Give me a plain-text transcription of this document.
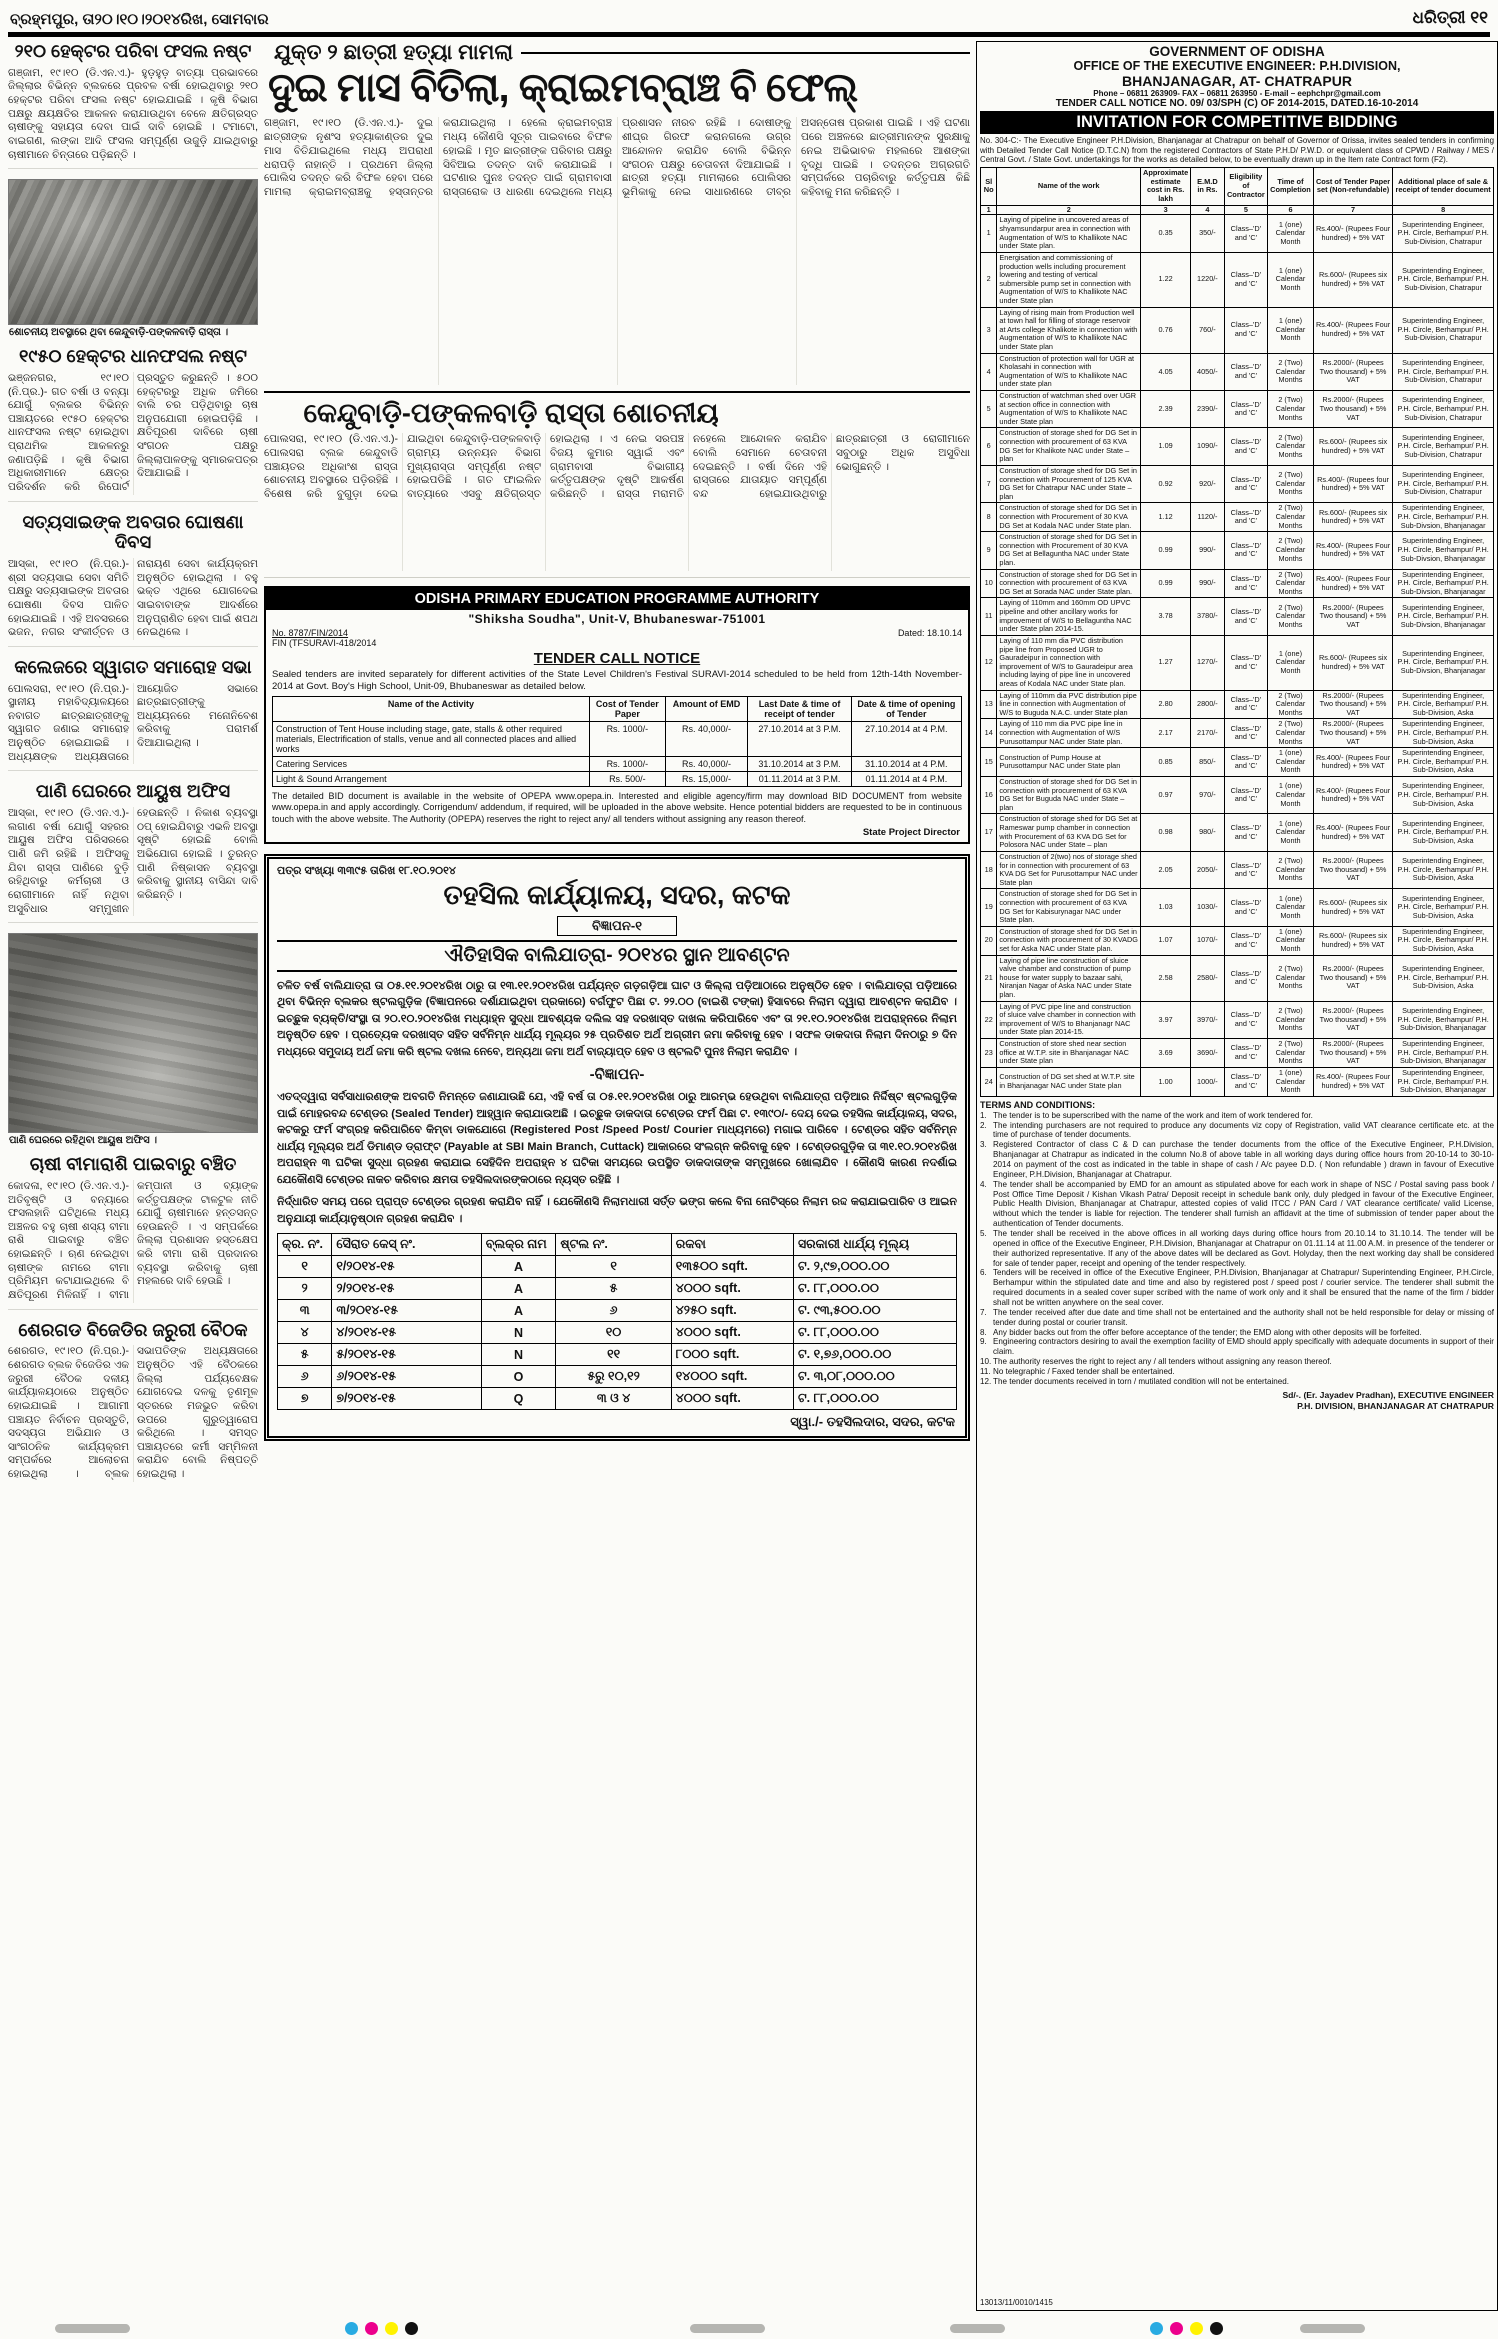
ବ୍ରହ୍ମପୁର, ତା୨୦।୧୦।୨୦୧୪ରିଖ, ସୋମବାର	ଧରିତ୍ରୀ ୧୧
୨୧୦ ହେକ୍ଟର ପରିବା ଫସଲ ନଷ୍ଟ
ଗଞ୍ଜାମ, ୧୯।୧୦ (ଡି.ଏନ.ଏ.)- ହୁଡ଼ହୁଡ଼ ବାତ୍ୟା ପ୍ରଭାବରେ ଜିଲ୍ଲାର ବିଭିନ୍ନ ବ୍ଲକରେ ପ୍ରବଳ ବର୍ଷା ହୋଇଥିବାରୁ ୨୧୦ ହେକ୍ଟର ପରିବା ଫସଲ ନଷ୍ଟ ହୋଇଯାଇଛି । କୃଷି ବିଭାଗ ପକ୍ଷରୁ କ୍ଷୟକ୍ଷତିର ଆକଳନ କରାଯାଉଥିବା ବେଳେ କ୍ଷତିଗ୍ରସ୍ତ ଚାଷୀଙ୍କୁ ସହାୟତା ଦେବା ପାଇଁ ଦାବି ହୋଇଛି । ଟମାଟୋ, ବାଇଗଣ, ଲଙ୍କା ଆଦି ଫସଲ ସମ୍ପୂର୍ଣ୍ଣ ଉଜୁଡ଼ି ଯାଇଥିବାରୁ ଚାଷୀମାନେ ଚିନ୍ତାରେ ପଡ଼ିଛନ୍ତି ।
ଶୋଚନୀୟ ଅବସ୍ଥାରେ ଥିବା କେନ୍ଦୁବାଡ଼ି-ପଙ୍କଳବାଡ଼ି ରାସ୍ତା ।
୧୯୫୦ ହେକ୍ଟର ଧାନଫସଲ ନଷ୍ଟ
ଭଞ୍ଜନଗର, ୧୯।୧୦ (ନି.ପ୍ର.)- ଗତ ବର୍ଷା ଓ ବନ୍ୟା ଯୋଗୁଁ ବ୍ଲକର ବିଭିନ୍ନ ପଞ୍ଚାୟତରେ ୧୯୫୦ ହେକ୍ଟର ଧାନଫସଲ ନଷ୍ଟ ହୋଇଥିବା ପ୍ରାଥମିକ ଆକଳନରୁ ଜଣାପଡ଼ିଛି । କୃଷି ବିଭାଗ ଅଧିକାରୀମାନେ କ୍ଷେତ୍ର ପରିଦର୍ଶନ କରି ରିପୋର୍ଟ ପ୍ରସ୍ତୁତ କରୁଛନ୍ତି । ୫୦୦ ହେକ୍ଟରରୁ ଅଧିକ ଜମିରେ ବାଲି ଚର ପଡ଼ିଥିବାରୁ ଚାଷ ଅନୁପଯୋଗୀ ହୋଇପଡ଼ିଛି । କ୍ଷତିପୂରଣ ଦାବିରେ ଚାଷୀ ସଂଗଠନ ପକ୍ଷରୁ ଜିଲ୍ଲାପାଳଙ୍କୁ ସ୍ମାରକପତ୍ର ଦିଆଯାଇଛି ।
ସତ୍ୟସାଇଙ୍କ ଅବତାର ଘୋଷଣା ଦିବସ
ଆସ୍କା, ୧୯।୧୦ (ନି.ପ୍ର.)- ଶ୍ରୀ ସତ୍ୟସାଇ ସେବା ସମିତି ପକ୍ଷରୁ ସତ୍ୟସାଇଙ୍କ ଅବତାର ଘୋଷଣା ଦିବସ ପାଳିତ ହୋଇଯାଇଛି । ଏହି ଅବସରରେ ଭଜନ, ନଗର ସଂକୀର୍ତ୍ତନ ଓ ନାରାୟଣ ସେବା କାର୍ଯ୍ୟକ୍ରମ ଅନୁଷ୍ଠିତ ହୋଇଥିଲା । ବହୁ ଭକ୍ତ ଏଥିରେ ଯୋଗଦେଇ ସାଇବାବାଙ୍କ ଆଦର୍ଶରେ ଅନୁପ୍ରାଣିତ ହେବା ପାଇଁ ଶପଥ ନେଇଥିଲେ ।
କଲେଜରେ ସ୍ୱାଗତ ସମାରୋହ ସଭା
ପୋଲସରା, ୧୯।୧୦ (ନି.ପ୍ର.)- ସ୍ଥାନୀୟ ମହାବିଦ୍ୟାଳୟରେ ନବାଗତ ଛାତ୍ରଛାତ୍ରୀଙ୍କୁ ସ୍ୱାଗତ ଜଣାଇ ସମାରୋହ ଅନୁଷ୍ଠିତ ହୋଇଯାଇଛି । ଅଧ୍ୟକ୍ଷଙ୍କ ଅଧ୍ୟକ୍ଷତାରେ ଆୟୋଜିତ ସଭାରେ ଛାତ୍ରଛାତ୍ରୀଙ୍କୁ ଅଧ୍ୟୟନରେ ମନୋନିବେଶ କରିବାକୁ ପରାମର୍ଶ ଦିଆଯାଇଥିଲା ।
ପାଣି ଘେରରେ ଆୟୁଷ ଅଫିସ
ଆସ୍କା, ୧୯।୧୦ (ଡି.ଏନ.ଏ.)- ଲଗାଣ ବର୍ଷା ଯୋଗୁଁ ସହରର ଆୟୁଷ ଅଫିସ ପରିସରରେ ପାଣି ଜମି ରହିଛି । ଅଫିସକୁ ଯିବା ରାସ୍ତା ପାଣିରେ ବୁଡ଼ି ରହିଥିବାରୁ କର୍ମଚାରୀ ଓ ରୋଗୀମାନେ ନାହିଁ ନଥିବା ଅସୁବିଧାର ସମ୍ମୁଖୀନ ହେଉଛନ୍ତି । ନିକାଶ ବ୍ୟବସ୍ଥା ଠପ୍ ହୋଇଯିବାରୁ ଏଭଳି ଅବସ୍ଥା ସୃଷ୍ଟି ହୋଇଛି ବୋଲି ଅଭିଯୋଗ ହୋଇଛି । ତୁରନ୍ତ ପାଣି ନିଷ୍କାସନ ବ୍ୟବସ୍ଥା କରିବାକୁ ସ୍ଥାନୀୟ ବାସିନ୍ଦା ଦାବି କରିଛନ୍ତି ।
ପାଣି ଘେରରେ ରହିଥିବା ଆୟୁଷ ଅଫିସ ।
ଚାଷୀ ବୀମାରାଶି ପାଇବାରୁ ବଞ୍ଚିତ
କୋଦଳା, ୧୯।୧୦ (ଡି.ଏନ.ଏ.)- ଅତିବୃଷ୍ଟି ଓ ବନ୍ୟାରେ ଫସଲହାନି ଘଟିଥିଲେ ମଧ୍ୟ ଅଞ୍ଚଳର ବହୁ ଚାଷୀ ଶସ୍ୟ ବୀମା ରାଶି ପାଇବାରୁ ବଞ୍ଚିତ ହୋଇଛନ୍ତି । ଋଣ ନେଇଥିବା ଚାଷୀଙ୍କ ନାମରେ ବୀମା ପ୍ରିମିୟମ କଟାଯାଇଥିଲେ ବି କ୍ଷତିପୂରଣ ମିଳିନାହିଁ । ବୀମା କମ୍ପାନୀ ଓ ବ୍ୟାଙ୍କ କର୍ତ୍ତୃପକ୍ଷଙ୍କ ଟାଳଟୁଳ ନୀତି ଯୋଗୁଁ ଚାଷୀମାନେ ହନ୍ତସନ୍ତ ହେଉଛନ୍ତି । ଏ ସମ୍ପର୍କରେ ଜିଲ୍ଲା ପ୍ରଶାସନ ହସ୍ତକ୍ଷେପ କରି ବୀମା ରାଶି ପ୍ରଦାନର ବ୍ୟବସ୍ଥା କରିବାକୁ ଚାଷୀ ମହଲରେ ଦାବି ହେଉଛି ।
ଶେରଗଡ ବିଜେଡିର ଜରୁରୀ ବୈଠକ
ଶେରଗଡ, ୧୯।୧୦ (ନି.ପ୍ର.)- ଶେରଗଡ ବ୍ଲକ ବିଜେଡିର ଏକ ଜରୁରୀ ବୈଠକ ଦଳୀୟ କାର୍ଯ୍ୟାଳୟଠାରେ ଅନୁଷ୍ଠିତ ହୋଇଯାଇଛି । ଆଗାମୀ ପଞ୍ଚାୟତ ନିର୍ବାଚନ ପ୍ରସ୍ତୁତି, ସଦସ୍ୟତା ଅଭିଯାନ ଓ ସାଂଗଠନିକ କାର୍ଯ୍ୟକ୍ରମ ସମ୍ପର୍କରେ ଆଲୋଚନା ହୋଇଥିଲା । ବ୍ଲକ ସଭାପତିଙ୍କ ଅଧ୍ୟକ୍ଷତାରେ ଅନୁଷ୍ଠିତ ଏହି ବୈଠକରେ ଜିଲ୍ଲା ପର୍ଯ୍ୟବେକ୍ଷକ ଯୋଗଦେଇ ଦଳକୁ ତୃଣମୂଳ ସ୍ତରରେ ମଜଭୁତ କରିବା ଉପରେ ଗୁରୁତ୍ୱାରୋପ କରିଥିଲେ । ସମସ୍ତ ପଞ୍ଚାୟତରେ କର୍ମୀ ସମ୍ମିଳନୀ କରାଯିବ ବୋଲି ନିଷ୍ପତ୍ତି ହୋଇଥିଲା ।
ଯୁକ୍ତ ୨ ଛାତ୍ରୀ ହତ୍ୟା ମାମଲା
ଦୁଇ ମାସ ବିତିଲା, କ୍ରାଇମବ୍ରାଞ୍ଚ ବି ଫେଲ୍
ଗଞ୍ଜାମ, ୧୯।୧୦ (ଡି.ଏନ.ଏ.)- ଦୁଇ ଛାତ୍ରୀଙ୍କ ନୃଶଂସ ହତ୍ୟାକାଣ୍ଡର ଦୁଇ ମାସ ବିତିଯାଇଥିଲେ ମଧ୍ୟ ଅପରାଧୀ ଧରାପଡ଼ି ନାହାନ୍ତି । ପ୍ରଥମେ ଜିଲ୍ଲା ପୋଲିସ ତଦନ୍ତ କରି ବିଫଳ ହେବା ପରେ ମାମଲା କ୍ରାଇମବ୍ରାଞ୍ଚକୁ ହସ୍ତାନ୍ତର କରାଯାଇଥିଲା । ହେଲେ କ୍ରାଇମବ୍ରାଞ୍ଚ ମଧ୍ୟ କୌଣସି ସୂତ୍ର ପାଇବାରେ ବିଫଳ ହୋଇଛି । ମୃତ ଛାତ୍ରୀଙ୍କ ପରିବାର ପକ୍ଷରୁ ସିବିଆଇ ତଦନ୍ତ ଦାବି କରାଯାଇଛି । ଘଟଣାର ପୁନଃ ତଦନ୍ତ ପାଇଁ ଗ୍ରାମବାସୀ ରାସ୍ତାରୋକ ଓ ଧାରଣା ଦେଇଥିଲେ ମଧ୍ୟ ପ୍ରଶାସନ ନୀରବ ରହିଛି । ଦୋଷୀଙ୍କୁ ଶୀଘ୍ର ଗିରଫ କରାନଗଲେ ଉଗ୍ର ଆନ୍ଦୋଳନ କରାଯିବ ବୋଲି ବିଭିନ୍ନ ସଂଗଠନ ପକ୍ଷରୁ ଚେତାବନୀ ଦିଆଯାଇଛି । ଛାତ୍ରୀ ହତ୍ୟା ମାମଲାରେ ପୋଲିସର ଭୂମିକାକୁ ନେଇ ସାଧାରଣରେ ତୀବ୍ର ଅସନ୍ତୋଷ ପ୍ରକାଶ ପାଇଛି । ଏହି ଘଟଣା ପରେ ଅଞ୍ଚଳରେ ଛାତ୍ରୀମାନଙ୍କ ସୁରକ୍ଷାକୁ ନେଇ ଅଭିଭାବକ ମହଲରେ ଆଶଙ୍କା ବୃଦ୍ଧି ପାଇଛି । ତଦନ୍ତର ଅଗ୍ରଗତି ସମ୍ପର୍କରେ ପଚାରିବାରୁ କର୍ତ୍ତୃପକ୍ଷ କିଛି କହିବାକୁ ମନା କରିଛନ୍ତି ।
କେନ୍ଦୁବାଡ଼ି-ପଙ୍କଳବାଡ଼ି ରାସ୍ତା ଶୋଚନୀୟ
ପୋଲସରା, ୧୯।୧୦ (ଡି.ଏନ.ଏ.)- ପୋଲସରା ବ୍ଲକ କେନ୍ଦୁବାଡି ପଞ୍ଚାୟତର ଅଧିକାଂଶ ରାସ୍ତା ଶୋଚନୀୟ ଅବସ୍ଥାରେ ପଡ଼ିରହିଛି । ବିଶେଷ କରି ବୁଗୁଡ଼ା ଦେଇ ଯାଇଥିବା କେନ୍ଦୁବାଡ଼ି-ପଙ୍କଳବାଡ଼ି ଗ୍ରାମ୍ୟ ଉନ୍ନୟନ ବିଭାଗ ମୁଖ୍ୟରାସ୍ତା ସମ୍ପୂର୍ଣ୍ଣ ନଷ୍ଟ ହୋଇପଡିଛି । ଗତ ଫାଇଲିନ ବାତ୍ୟାରେ ଏସବୁ କ୍ଷତିଗ୍ରସ୍ତ ହୋଇଥିଲା । ଏ ନେଇ ସରପଞ୍ଚ ବିଜୟ କୁମାର ସ୍ୱାଇଁ ଏବଂ ଗ୍ରାମବାସୀ ବିଭାଗୀୟ କର୍ତ୍ତୃପକ୍ଷଙ୍କ ଦୃଷ୍ଟି ଆକର୍ଷଣ କରିଛନ୍ତି । ରାସ୍ତା ମରାମତି ନହେଲେ ଆନ୍ଦୋଳନ କରାଯିବ ବୋଲି ସେମାନେ ଚେତାବନୀ ଦେଇଛନ୍ତି । ବର୍ଷା ଦିନେ ଏହି ରାସ୍ତାରେ ଯାତାୟାତ ସମ୍ପୂର୍ଣ୍ଣ ବନ୍ଦ ହୋଇଯାଉଥିବାରୁ ଛାତ୍ରଛାତ୍ରୀ ଓ ରୋଗୀମାନେ ସବୁଠାରୁ ଅଧିକ ଅସୁବିଧା ଭୋଗୁଛନ୍ତି ।
ODISHA PRIMARY EDUCATION PROGRAMME AUTHORITY
"Shiksha Soudha", Unit-V, Bhubaneswar-751001
No. 8787/FIN/2014
FIN (TFSURAVI-418/2014
Dated: 18.10.14
TENDER CALL NOTICE
Sealed tenders are invited separately for different activities of the State Level Children's Festival SURAVI-2014 scheduled to be held from 12th-14th November-2014 at Govt. Boy's High School, Unit-09, Bhubaneswar as detailed below.
Name of the Activity	Cost of Tender Paper	Amount of EMD	Last Date & time of receipt of tender	Date & time of opening of Tender
Construction of Tent House including stage, gate, stalls & other required materials, Electrification of stalls, venue and all connected places and allied works	Rs. 1000/-	Rs. 40,000/-	27.10.2014 at 3 P.M.	27.10.2014 at 4 P.M.
Catering Services	Rs. 1000/-	Rs. 40,000/-	31.10.2014 at 3 P.M.	31.10.2014 at 4 P.M.
Light & Sound Arrangement	Rs. 500/-	Rs. 15,000/-	01.11.2014 at 3 P.M.	01.11.2014 at 4 P.M.
The detailed BID document is available in the website of OPEPA www.opepa.in. Interested and eligible agency/firm may download BID DOCUMENT from website www.opepa.in and apply accordingly. Corrigendum/ addendum, if required, will be uploaded in the above website. Hence potential bidders are requested to be in continuous touch with the above website. The Authority (OPEPA) reserves the right to reject any/ all tenders without assigning any reason thereof.
State Project Director
ପତ୍ର ସଂଖ୍ୟା ୩୩୯୫ ତାରିଖ ୧୮.୧୦.୨୦୧୪
ତହସିଲ କାର୍ଯ୍ୟାଳୟ, ସଦର, କଟକ
ବିଜ୍ଞାପନ-୧
ଐତିହାସିକ ବାଲିଯାତ୍ରା- ୨୦୧୪ର ସ୍ଥାନ ଆବଣ୍ଟନ
ଚଳିତ ବର୍ଷ ବାଲିଯାତ୍ରା ତା ୦୫.୧୧.୨୦୧୪ରିଖ ଠାରୁ ତା ୧୩.୧୧.୨୦୧୪ରିଖ ପର୍ଯ୍ୟନ୍ତ ଗଡ଼ଗଡ଼ିଆ ଘାଟ ଓ କିଲ୍ଲା ପଡ଼ିଆଠାରେ ଅନୁଷ୍ଠିତ ହେବ । ବାଲିଯାତ୍ରା ପଡ଼ିଆରେ ଥିବା ବିଭିନ୍ନ ବ୍ଲକର ଷ୍ଟଲଗୁଡ଼ିକ (ବିଜ୍ଞାପନରେ ଦର୍ଶାଯାଇଥିବା ପ୍ରକାରେ) ବର୍ଗଫୁଟ ପିଛା ଟ. ୨୨.୦୦ (ବାଇଶି ଟଙ୍କା) ହିସାବରେ ନିଲାମ ଦ୍ୱାରା ଆବଣ୍ଟନ କରାଯିବ । ଇଚ୍ଛୁକ ବ୍ୟକ୍ତି/ସଂସ୍ଥା ତା ୨୦.୧୦.୨୦୧୪ରିଖ ମଧ୍ୟାହ୍ନ ସୁଦ୍ଧା ଆବଶ୍ୟକ ଦଲିଲ ସହ ଦରଖାସ୍ତ ଦାଖଲ କରିପାରିବେ ଏବଂ ତା ୨୧.୧୦.୨୦୧୪ରିଖ ଅପରାହ୍ନରେ ନିଲାମ ଅନୁଷ୍ଠିତ ହେବ । ପ୍ରତ୍ୟେକ ଦରଖାସ୍ତ ସହିତ ସର୍ବନିମ୍ନ ଧାର୍ଯ୍ୟ ମୂଲ୍ୟର ୨୫ ପ୍ରତିଶତ ଅର୍ଥ ଅଗ୍ରୀମ ଜମା କରିବାକୁ ହେବ । ସଫଳ ଡାକଦାତା ନିଲାମ ଦିନଠାରୁ ୭ ଦିନ ମଧ୍ୟରେ ସମୁଦାୟ ଅର୍ଥ ଜମା କରି ଷ୍ଟଲ ଦଖଲ ନେବେ, ଅନ୍ୟଥା ଜମା ଅର୍ଥ ବାଜ୍ୟାପ୍ତ ହେବ ଓ ଷ୍ଟଲଟି ପୁନଃ ନିଲାମ କରାଯିବ ।
-ବିଜ୍ଞାପନ-
ଏତଦ୍‌ଦ୍ୱାରା ସର୍ବସାଧାରଣଙ୍କ ଅବଗତି ନିମନ୍ତେ ଜଣାଯାଉଛି ଯେ, ଏହି ବର୍ଷ ତା ୦୫.୧୧.୨୦୧୪ରିଖ ଠାରୁ ଆରମ୍ଭ ହେଉଥିବା ବାଲିଯାତ୍ରା ପଡ଼ିଆର ନିର୍ଦ୍ଦିଷ୍ଟ ଷ୍ଟଲଗୁଡ଼ିକ ପାଇଁ ମୋହରବନ୍ଦ ଟେଣ୍ଡର (Sealed Tender) ଆହ୍ୱାନ କରାଯାଉଅଛି । ଇଚ୍ଛୁକ ଡାକଦାତା ଟେଣ୍ଡର ଫର୍ମ ପିଛା ଟ. ୧୩୯୦/- ଦେୟ ଦେଇ ତହସିଲ କାର୍ଯ୍ୟାଳୟ, ସଦର, କଟକରୁ ଫର୍ମ ସଂଗ୍ରହ କରିପାରିବେ କିମ୍ବା ଡାକଯୋଗେ (Registered Post /Speed Post/ Courier ମାଧ୍ୟମରେ) ମଗାଇ ପାରିବେ । ଟେଣ୍ଡର ସହିତ ସର୍ବନିମ୍ନ ଧାର୍ଯ୍ୟ ମୂଲ୍ୟର ଅର୍ଥ ଡିମାଣ୍ଡ ଡ୍ରାଫ୍ଟ (Payable at SBI Main Branch, Cuttack) ଆକାରରେ ସଂଲଗ୍ନ କରିବାକୁ ହେବ । ଟେଣ୍ଡରଗୁଡ଼ିକ ତା ୩୧.୧୦.୨୦୧୪ରିଖ ଅପରାହ୍ନ ୩ ଘଟିକା ସୁଦ୍ଧା ଗ୍ରହଣ କରାଯାଇ ସେହିଦିନ ଅପରାହ୍ନ ୪ ଘଟିକା ସମୟରେ ଉପସ୍ଥିତ ଡାକଦାତାଙ୍କ ସମ୍ମୁଖରେ ଖୋଲାଯିବ । କୌଣସି କାରଣ ନଦର୍ଶାଇ ଯେକୌଣସି ଟେଣ୍ଡର ନାକଚ କରିବାର କ୍ଷମତା ତହସିଲଦାରଙ୍କଠାରେ ନ୍ୟସ୍ତ ରହିଛି ।
ନିର୍ଦ୍ଧାରିତ ସମୟ ପରେ ପ୍ରାପ୍ତ ଟେଣ୍ଡର ଗ୍ରହଣ କରାଯିବ ନାହିଁ । ଯେକୌଣସି ନିଲାମଧାରୀ ସର୍ତ୍ତ ଭଙ୍ଗ କଲେ ବିନା ନୋଟିସ୍‌ରେ ନିଲାମ ରଦ୍ଦ କରାଯାଇପାରିବ ଓ ଆଇନ ଅନୁଯାୟୀ କାର୍ଯ୍ୟାନୁଷ୍ଠାନ ଗ୍ରହଣ କରାଯିବ ।
କ୍ର. ନଂ.	ସୈରାତ କେସ୍ ନଂ.	ବ୍ଲକ୍‌ର ନାମ	ଷ୍ଟଲ ନଂ.	ରକବା	ସରକାରୀ ଧାର୍ଯ୍ୟ ମୂଲ୍ୟ
୧	୧/୨୦୧୪-୧୫	A	୧	୧୩୫୦୦ sqft.	ଟ. ୨,୯୭,୦୦୦.୦୦
୨	୨/୨୦୧୪-୧୫	A	୫	୪୦୦୦ sqft.	ଟ. ୮୮,୦୦୦.୦୦
୩	୩/୨୦୧୪-୧୫	A	୬	୪୨୫୦ sqft.	ଟ. ୯୩,୫୦୦.୦୦
୪	୪/୨୦୧୪-୧୫	N	୧୦	୪୦୦୦ sqft.	ଟ. ୮୮,୦୦୦.୦୦
୫	୫/୨୦୧୪-୧୫	N	୧୧	୮୦୦୦ sqft.	ଟ. ୧,୭୬,୦୦୦.୦୦
୬	୬/୨୦୧୪-୧୫	O	୫ରୁ ୧୦,୧୨	୧୪୦୦୦ sqft.	ଟ. ୩,୦୮,୦୦୦.୦୦
୭	୭/୨୦୧୪-୧୫	Q	୩ ଓ ୪	୪୦୦୦ sqft.	ଟ. ୮୮,୦୦୦.୦୦
ସ୍ୱା./- ତହସିଲଦାର, ସଦର, କଟକ
GOVERNMENT OF ODISHA
OFFICE OF THE EXECUTIVE ENGINEER: P.H.DIVISION,
BHANJANAGAR, AT- CHATRAPUR
Phone – 06811 263909- FAX – 06811 263950 - E-mail – eephchpr@gmail.com
TENDER CALL NOTICE NO. 09/ 03/SPH (C) OF 2014-2015, DATED.16-10-2014
INVITATION FOR COMPETITIVE BIDDING
No. 304-C:- The Executive Engineer P.H.Division, Bhanjanagar at Chatrapur on behalf of Governor of Orissa, invites sealed tenders in confirming with Detailed Tender Call Notice (D.T.C.N) from the registered Contractors of State P.H.D/ P.W.D. or equivalent class of CPWD / Railway / MES / Central Govt. / State Govt. undertakings for the works as detailed below, to be eventually drawn up in the Item rate Contract form (F2).
Sl No	Name of the work	Approximate estimate cost in Rs. lakh	E.M.D in Rs.	Eligibility of Contractor	Time of Completion	Cost of Tender Paper set (Non-refundable)	Additional place of sale & receipt of tender document
1	2	3	4	5	6	7	8
1	Laying of pipeline in uncovered areas of shyamsundarpur area in connection with Augmentation of W/S to Khallikote NAC under State plan.	0.35	350/-	Class–'D' and 'C'	1 (one) Calendar Month	Rs.400/- (Rupees Four hundred) + 5% VAT	Superintending Engineer, P.H. Circle, Berhampur/ P.H. Sub-Division, Chatrapur
2	Energisation and commissioning of production wells including procurement lowering and testing of vertical submersible pump set in connection with Augmentation of W/S to Khallikote NAC under State plan	1.22	1220/-	Class–'D' and 'C'	1 (one) Calendar Month	Rs.600/- (Rupees six hundred) + 5% VAT	Superintending Engineer, P.H. Circle, Berhampur/ P.H. Sub-Division, Chatrapur
3	Laying of rising main from Production well at town hall for filling of storage reservoir at Arts college Khalikote in connection with Augmentation of W/S to Khallikote NAC under State plan	0.76	760/-	Class–'D' and 'C'	1 (one) Calendar Month	Rs.400/- (Rupees Four hundred) + 5% VAT	Superintending Engineer, P.H. Circle, Berhampur/ P.H. Sub-Division, Chatrapur
4	Construction of protection wall for UGR at Kholasahi in connection with Augmentation of W/S to Khallikote NAC under state plan	4.05	4050/-	Class–'D' and 'C'	2 (Two) Calendar Months	Rs.2000/- (Rupees Two thousand) + 5% VAT	Superintending Engineer, P.H. Circle, Berhampur/ P.H. Sub-Division, Chatrapur
5	Construction of watchman shed over UGR at section office in connection with Augmentation of W/S to Khallikote NAC under State plan	2.39	2390/-	Class–'D' and 'C'	2 (Two) Calendar Months	Rs.2000/- (Rupees Two thousand) + 5% VAT	Superintending Engineer, P.H. Circle, Berhampur/ P.H. Sub-Division, Chatrapur
6	Construction of storage shed for DG Set in connection with procurement of 63 KVA DG Set for Khalikote NAC under State – plan	1.09	1090/-	Class–'D' and 'C'	2 (Two) Calendar Months	Rs.600/- (Rupees six hundred) + 5% VAT	Superintending Engineer, P.H. Circle, Berhampur/ P.H. Sub-Division, Chatrapur
7	Construction of storage shed for DG Set in connection with Procurement of 125 KVA DG Set for Chatrapur NAC under State – plan	0.92	920/-	Class–'D' and 'C'	2 (Two) Calendar Months	Rs.400/- (Rupees four hundred) + 5% VAT	Superintending Engineer, P.H. Circle, Berhampur/ P.H. Sub-Division, Chatrapur
8	Construction of storage shed for DG Set in connection with Procurement of 30 KVA DG Set at Kodala NAC under State plan.	1.12	1120/-	Class–'D' and 'C'	2 (Two) Calendar Months	Rs.600/- (Rupees six hundred) + 5% VAT	Superintending Engineer, P.H. Circle, Berhampur/ P.H. Sub-Divsion, Bhanjanagar
9	Construction of storage shed for DG Set in connection with Procurement of 30 KVA DG Set at Bellaguntha NAC under State plan.	0.99	990/-	Class–'D' and 'C'	2 (Two) Calendar Months	Rs.400/- (Rupees Four hundred) + 5% VAT	Superintending Engineer, P.H. Circle, Berhampur/ P.H. Sub-Divsion, Bhanjanagar
10	Construction of storage shed for DG Set in connection with procurement of 63 KVA DG Set at Sorada NAC under State plan.	0.99	990/-	Class–'D' and 'C'	2 (Two) Calendar Months	Rs.400/- (Rupees Four hundred) + 5% VAT	Superintending Engineer, P.H. Circle, Berhampur/ P.H. Sub-Divsion, Bhanjanagar
11	Laying of 110mm and 160mm OD UPVC pipeline and other ancillary works for improvement of W/S to Bellaguntha NAC under State plan 2014-15.	3.78	3780/-	Class–'D' and 'C'	2 (Two) Calendar Months	Rs.2000/- (Rupees Two thousand) + 5% VAT	Superintending Engineer, P.H. Circle, Berhampur/ P.H. Sub-Divsion, Bhanjanagar
12	Laying of 110 mm dia PVC distribution pipe line from Proposed UGR to Gauradeipur in connection with improvement of W/S to Gauradeipur area including laying of pipe line in uncovered areas of Kodala NAC under State plan.	1.27	1270/-	Class–'D' and 'C'	1 (one) Calendar Month	Rs.600/- (Rupees six hundred) + 5% VAT	Superintending Engineer, P.H. Circle, Berhampur/ P.H. Sub-Divsion, Bhanjanagar
13	Laying of 110mm dia PVC distribution pipe line in connection with Augmentation of W/S to Buguda N.A.C. under State plan	2.80	2800/-	Class–'D' and 'C'	2 (Two) Calendar Months	Rs.2000/- (Rupees Two thousand) + 5% VAT	Superintending Engineer, P.H. Circle, Berhampur/ P.H. Sub-Division, Aska
14	Laying of 110 mm dia PVC pipe line in connection with Augmentation of W/S Purusottampur NAC under State plan.	2.17	2170/-	Class–'D' and 'C'	2 (Two) Calendar Months	Rs.2000/- (Rupees Two thousand) + 5% VAT	Superintending Engineer, P.H. Circle, Berhampur/ P.H. Sub-Division, Aska
15	Construction of Pump House at Purusottampur NAC under State plan	0.85	850/-	Class–'D' and 'C'	1 (one) Calendar Month	Rs.400/- (Rupees Four hundred) + 5% VAT	Superintending Engineer, P.H. Circle, Berhampur/ P.H. Sub-Division, Aska
16	Construction of storage shed for DG Set in connection with procurement of 63 KVA DG Set for Buguda NAC under State – plan	0.97	970/-	Class–'D' and 'C'	1 (one) Calendar Month	Rs.400/- (Rupees Four hundred) + 5% VAT	Superintending Engineer, P.H. Circle, Berhampur/ P.H. Sub-Division, Aska
17	Construction of storage shed for DG Set at Rameswar pump chamber in connection with Procurement of 63 KVA DG Set for Polosora NAC under State – plan	0.98	980/-	Class–'D' and 'C'	1 (one) Calendar Month	Rs.400/- (Rupees Four hundred) + 5% VAT	Superintending Engineer, P.H. Circle, Berhampur/ P.H. Sub-Division, Aska
18	Construction of 2(two) nos of storage shed for in connection with procurement of 63 KVA DG Set for Purusottampur NAC under State plan	2.05	2050/-	Class–'D' and 'C'	2 (Two) Calendar Months	Rs.2000/- (Rupees Two thousand) + 5% VAT	Superintending Engineer, P.H. Circle, Berhampur/ P.H. Sub-Division, Aska
19	Construction of storage shed for DG Set in connection with procurement of 63 KVA DG Set for Kabisurynagar NAC under State plan.	1.03	1030/-	Class–'D' and 'C'	1 (one) Calendar Month	Rs.600/- (Rupees six hundred) + 5% VAT	Superintending Engineer, P.H. Circle, Berhampur/ P.H. Sub-Division, Aska
20	Construction of storage shed for DG Set in connection with procurement of 30 KVADG set for Aska NAC under State plan.	1.07	1070/-	Class–'D' and 'C'	1 (one) Calendar Month	Rs.600/- (Rupees six hundred) + 5% VAT	Superintending Engineer, P.H. Circle, Berhampur/ P.H. Sub-Division, Aska
21	Laying of pipe line construction of sluice valve chamber and construction of pump house for water supply to bazaar sahi, Niranjan Nagar of Aska NAC under State plan.	2.58	2580/-	Class–'D' and 'C'	2 (Two) Calendar Months	Rs.2000/- (Rupees Two thousand) + 5% VAT	Superintending Engineer, P.H. Circle, Berhampur/ P.H. Sub-Division, Aska
22	Laying of PVC pipe line and construction of sluice valve chamber in connection with improvement of W/S to Bhanjanagr NAC under State plan 2014-15.	3.97	3970/-	Class–'D' and 'C'	2 (Two) Calendar Months	Rs.2000/- (Rupees Two thousand) + 5% VAT	Superintending Engineer, P.H. Circle, Berhampur/ P.H. Sub-Division, Bhanjanagar
23	Construction of store shed near section office at W.T.P. site in Bhanjanagar NAC under State plan	3.69	3690/-	Class–'D' and 'C'	2 (Two) Calendar Months	Rs.2000/- (Rupees Two thousand) + 5% VAT	Superintending Engineer, P.H. Circle, Berhampur/ P.H. Sub-Division, Bhanjanagar
24	Construction of DG set shed at W.T.P. site in Bhanjanagar NAC under State plan	1.00	1000/-	Class–'D' and 'C'	1 (one) Calendar Month	Rs.400/- (Rupees Four hundred) + 5% VAT	Superintending Engineer, P.H. Circle, Berhampur/ P.H. Sub-Division, Bhanjanagar
TERMS AND CONDITIONS:
1. The tender is to be superscribed with the name of the work and item of work tendered for.
2. The intending purchasers are not required to produce any documents viz copy of Registration, valid VAT clearance certificate etc. at the time of purchase of tender documents.
3. Registered Contractor of class C & D can purchase the tender documents from the office of the Executive Engineer, P.H.Division, Bhanjanagar at Chatrapur as indicated in the column No.8 of above table in all working days during office hours from 20-10-14 to 30-10-2014 on payment of the cost as indicated in the table in shape of cash / A/c payee D.D. ( Non refundable ) drawn in favour of Executive Engineer, P.H.Division, Bhanjanagar at Chatrapur.
4. The tender shall be accompanied by EMD for an amount as stipulated above for each work in shape of NSC / Postal saving pass book / Post Office Time Deposit / Kishan Vikash Patra/ Deposit receipt in schedule bank only, duly pledged in favour of the Executive Engineer, Public Health Division, Bhanjanagar at Chatrapur, attested copies of valid ITCC / PAN Card / VAT clearance certificate/ valid License, without which the tender is liable for rejection. The tenderer shall furnish an affidavit at the time of submission of tender paper about the authentication of Tender documents.
5. The tender shall be received in the above offices in all working days during office hours from 20.10.14 to 31.10.14. The tender will be opened in office of the Executive Engineer, P.H.Division, Bhanjanagar at Chatrapur on 01.11.14 at 11.00 A.M. in presence of the tenderer or their authorized representative. If any of the above dates will be declared as Govt. Holyday, then the next working day shall be considered for sale of tender paper, receipt and opening of the tender respectively.
6. Tenders will be received in office of the Executive Engineer, P.H.Division, Bhanjanagar at Chatrapur/ Superintending Engineer, P.H.Circle, Berhampur within the stipulated date and time and also by registered post / speed post / courier service. The tenderer shall submit the required documents in a sealed cover super scribed with the name of work only and it shall be ensured that the name of the firm / bidder shall not be written anywhere on the seal cover.
7. The tender received after due date and time shall not be entertained and the authority shall not be held responsible for delay or missing of tender during postal or courier transit.
8. Any bidder backs out from the offer before acceptance of the tender; the EMD along with other deposits will be forfeited.
9. Engineering contractors desiring to avail the exemption facility of EMD should apply specifically with adequate documents in support of their claim.
10. The authority reserves the right to reject any / all tenders without assigning any reason thereof.
11. No telegraphic / Faxed tender shall be entertained.
12. The tender documents received in torn / mutilated condition will not be entertained.
Sd/-. (Er. Jayadev Pradhan), EXECUTIVE ENGINEER
P.H. DIVISION, BHANJANAGAR AT CHATRAPUR
13013/11/0010/1415
